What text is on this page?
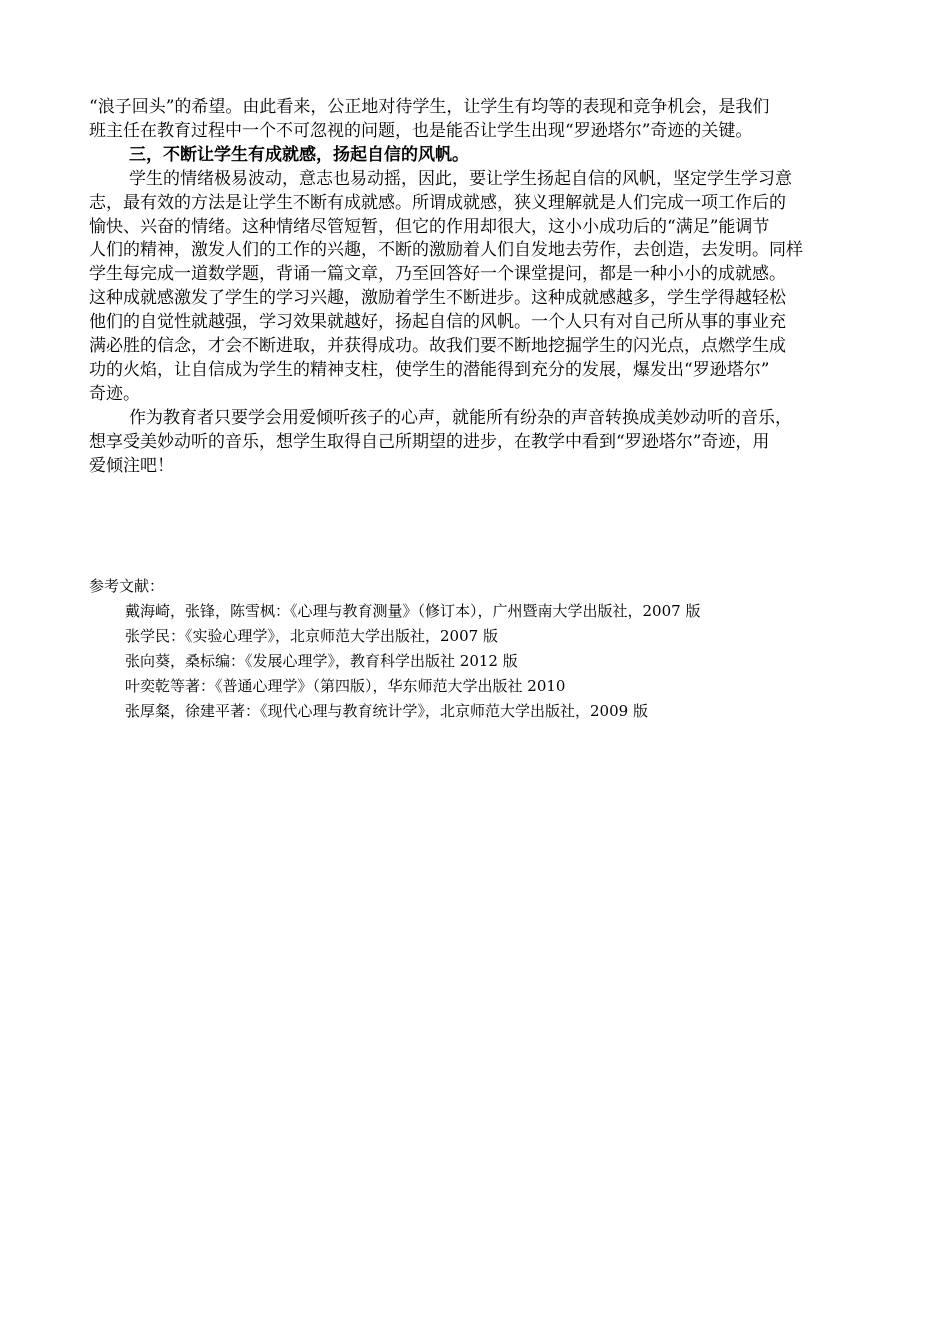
“浪子回头”的希望。由此看来，公正地对待学生，让学生有均等的表现和竞争机会，是我们
班主任在教育过程中一个不可忽视的问题，也是能否让学生出现“罗逊塔尔”奇迹的关键。
三，不断让学生有成就感，扬起自信的风帆。
学生的情绪极易波动，意志也易动摇，因此，要让学生扬起自信的风帆，坚定学生学习意
志，最有效的方法是让学生不断有成就感。所谓成就感，狭义理解就是人们完成一项工作后的
愉快、兴奋的情绪。这种情绪尽管短暂，但它的作用却很大，这小小成功后的“满足”能调节
人们的精神，激发人们的工作的兴趣，不断的激励着人们自发地去劳作，去创造，去发明。同样
学生每完成一道数学题，背诵一篇文章，乃至回答好一个课堂提问，都是一种小小的成就感。
这种成就感激发了学生的学习兴趣，激励着学生不断进步。这种成就感越多，学生学得越轻松
他们的自觉性就越强，学习效果就越好，扬起自信的风帆。一个人只有对自己所从事的事业充
满必胜的信念，才会不断进取，并获得成功。故我们要不断地挖掘学生的闪光点，点燃学生成
功的火焰，让自信成为学生的精神支柱，使学生的潜能得到充分的发展，爆发出“罗逊塔尔”
奇迹。
作为教育者只要学会用爱倾听孩子的心声，就能所有纷杂的声音转换成美妙动听的音乐，
想享受美妙动听的音乐，想学生取得自己所期望的进步，在教学中看到“罗逊塔尔”奇迹，用
爱倾注吧！
参考文献：
戴海崎，张锋，陈雪枫：《心理与教育测量》（修订本），广州暨南大学出版社，2007 版
张学民：《实验心理学》，北京师范大学出版社，2007 版
张向葵，桑标编：《发展心理学》，教育科学出版社 2012 版
叶奕乾等著：《普通心理学》（第四版），华东师范大学出版社 2010
张厚粲，徐建平著：《现代心理与教育统计学》，北京师范大学出版社，2009 版
